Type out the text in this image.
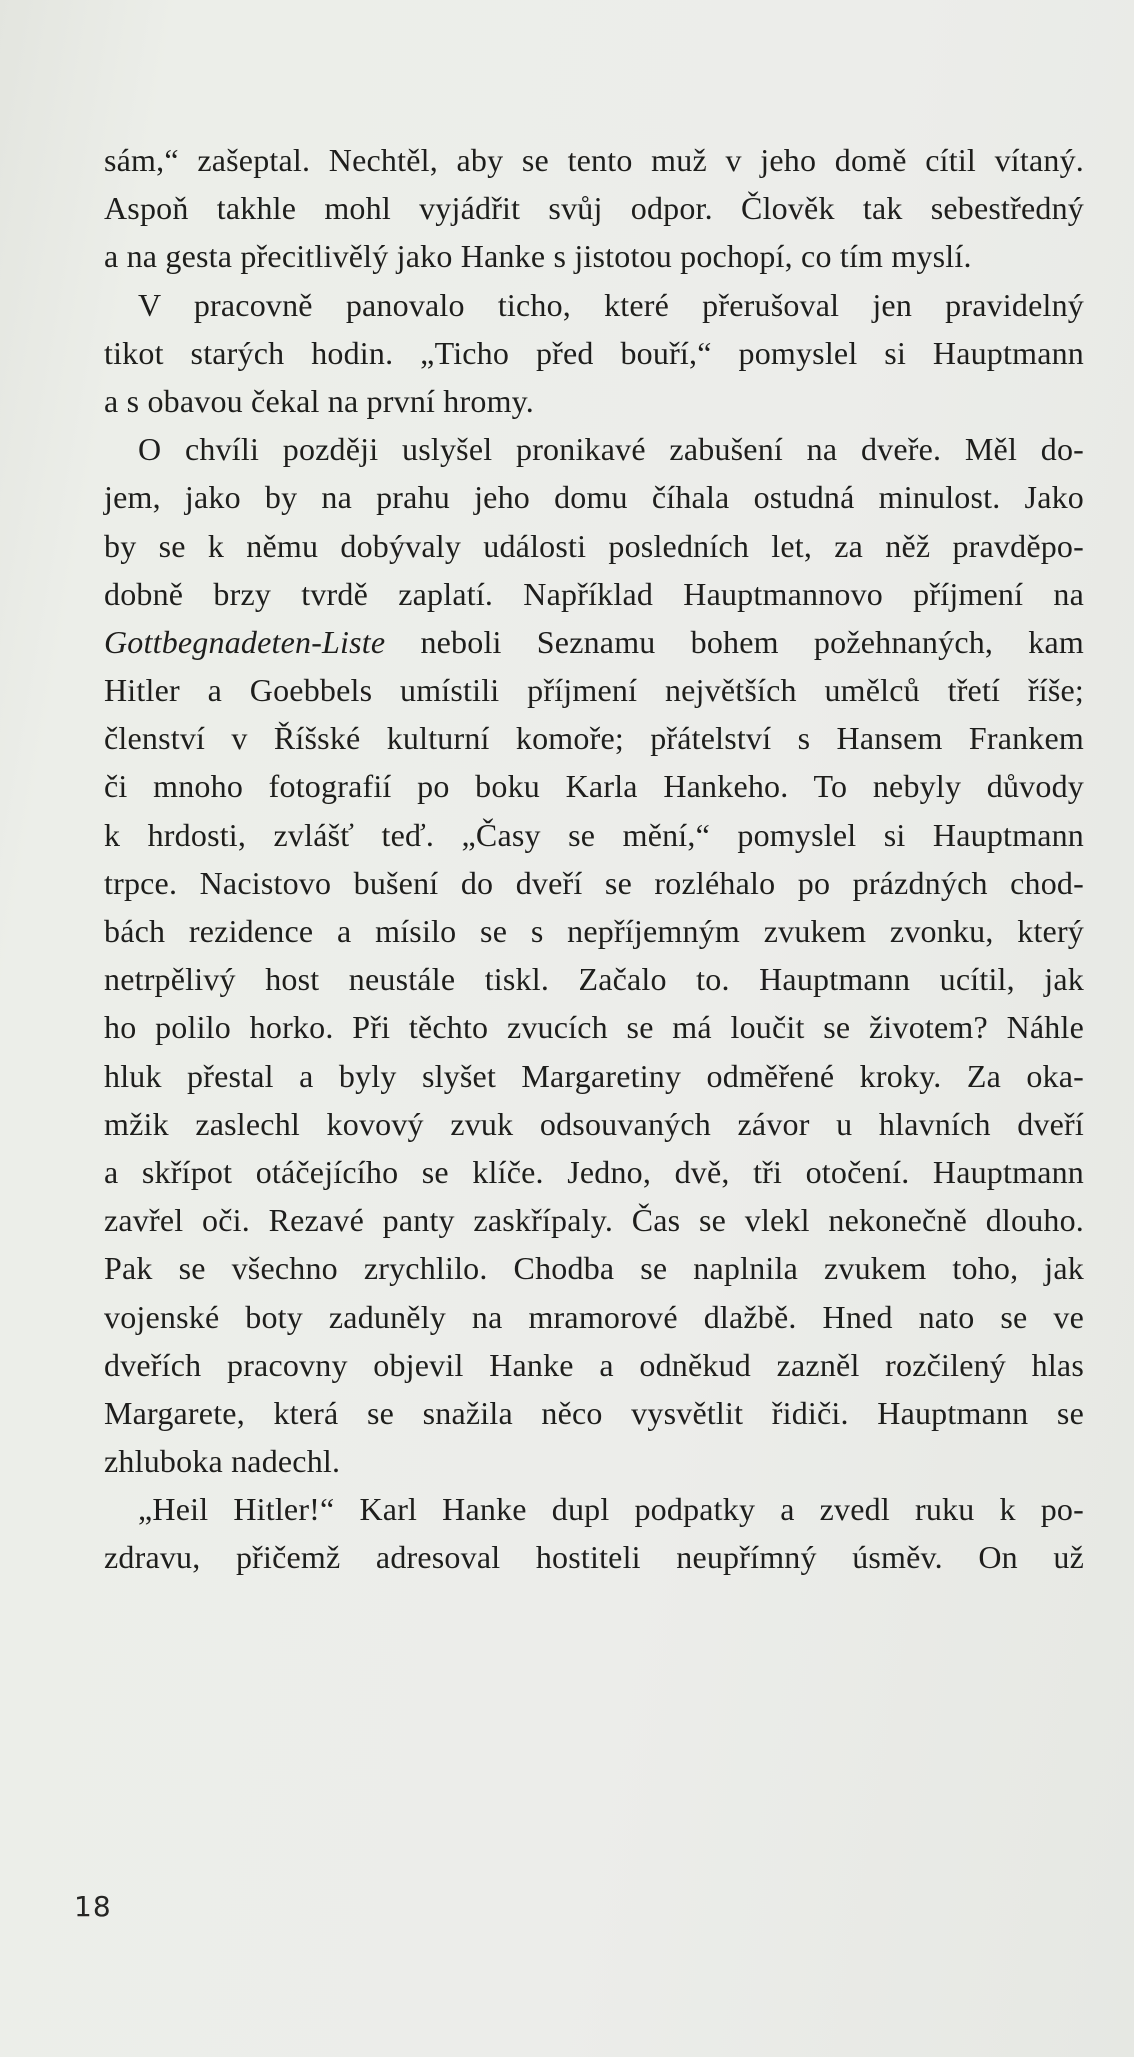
sám,“ zašeptal. Nechtěl, aby se tento muž v jeho domě cítil vítaný.
Aspoň takhle mohl vyjádřit svůj odpor. Člověk tak sebestředný
a na gesta přecitlivělý jako Hanke s jistotou pochopí, co tím myslí.
V pracovně panovalo ticho, které přerušoval jen pravidelný
tikot starých hodin. „Ticho před bouří,“ pomyslel si Hauptmann
a s obavou čekal na první hromy.
O chvíli později uslyšel pronikavé zabušení na dveře. Měl do-
jem, jako by na prahu jeho domu číhala ostudná minulost. Jako
by se k němu dobývaly události posledních let, za něž pravděpo-
dobně brzy tvrdě zaplatí. Například Hauptmannovo příjmení na
Gottbegnadeten-Liste neboli Seznamu bohem požehnaných, kam
Hitler a Goebbels umístili příjmení největších umělců třetí říše;
členství v Říšské kulturní komoře; přátelství s Hansem Frankem
či mnoho fotografií po boku Karla Hankeho. To nebyly důvody
k hrdosti, zvlášť teď. „Časy se mění,“ pomyslel si Hauptmann
trpce. Nacistovo bušení do dveří se rozléhalo po prázdných chod-
bách rezidence a mísilo se s nepříjemným zvukem zvonku, který
netrpělivý host neustále tiskl. Začalo to. Hauptmann ucítil, jak
ho polilo horko. Při těchto zvucích se má loučit se životem? Náhle
hluk přestal a byly slyšet Margaretiny odměřené kroky. Za oka-
mžik zaslechl kovový zvuk odsouvaných závor u hlavních dveří
a skřípot otáčejícího se klíče. Jedno, dvě, tři otočení. Hauptmann
zavřel oči. Rezavé panty zaskřípaly. Čas se vlekl nekonečně dlouho.
Pak se všechno zrychlilo. Chodba se naplnila zvukem toho, jak
vojenské boty zaduněly na mramorové dlažbě. Hned nato se ve
dveřích pracovny objevil Hanke a odněkud zazněl rozčilený hlas
Margarete, která se snažila něco vysvětlit řidiči. Hauptmann se
zhluboka nadechl.
„Heil Hitler!“ Karl Hanke dupl podpatky a zvedl ruku k po-
zdravu, přičemž adresoval hostiteli neupřímný úsměv. On už
18
